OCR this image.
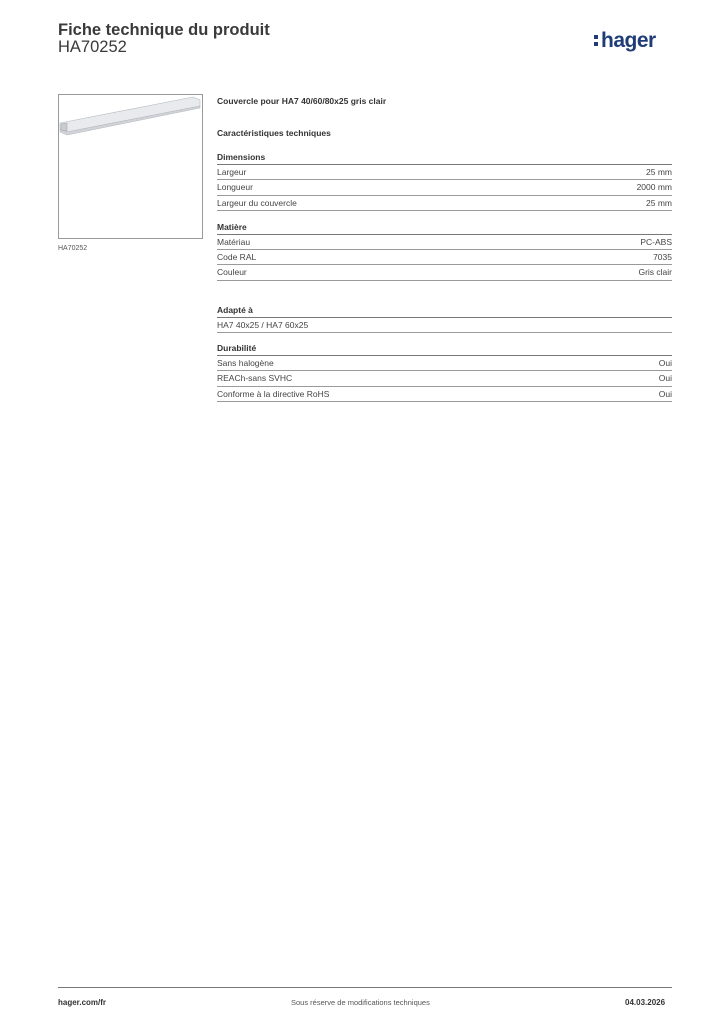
Fiche technique du produit
HA70252	hager
HA70252
Couvercle pour HA7 40/60/80x25 gris clair
Caractéristiques techniques
Dimensions
Largeur	25 mm
Longueur	2000 mm
Largeur du couvercle	25 mm
Matière
Matériau	PC-ABS
Code RAL	7035
Couleur	Gris clair
Adapté à
HA7 40x25 / HA7 60x25
Durabilité
Sans halogène	Oui
REACh-sans SVHC	Oui
Conforme à la directive RoHS	Oui
hager.com/fr	Sous réserve de modifications techniques	04.03.2026
